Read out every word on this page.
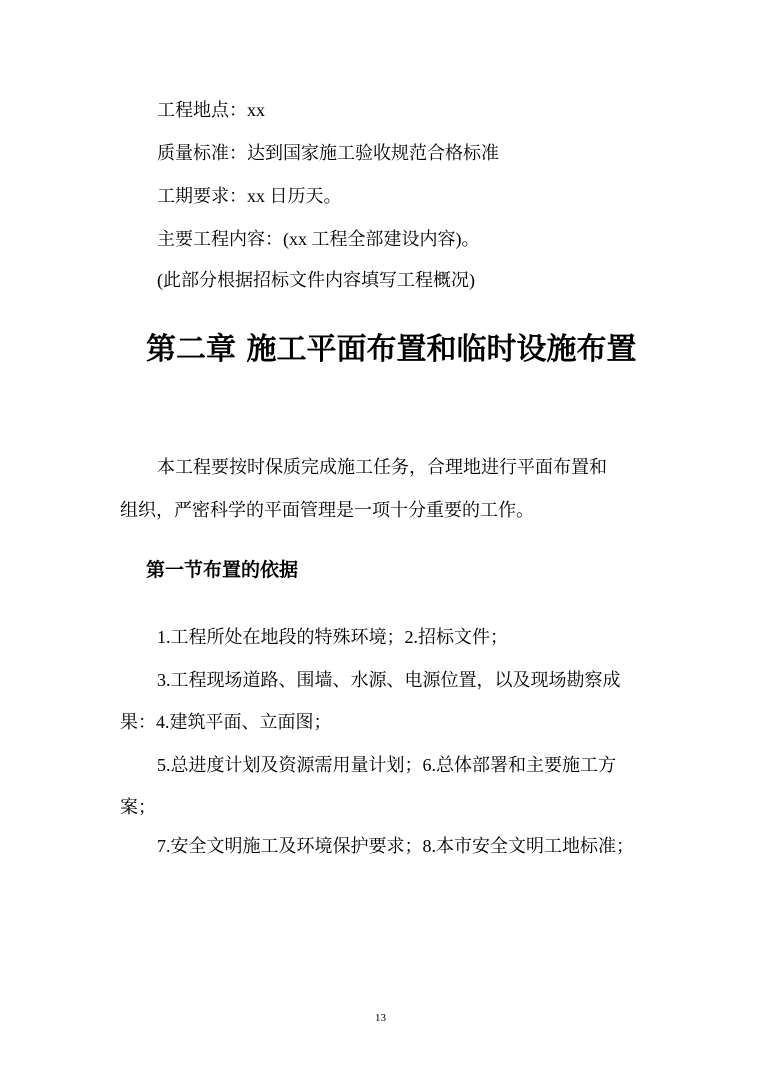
工程地点：xx
质量标准：达到国家施工验收规范合格标准
工期要求：xx 日历天。
主要工程内容：(xx 工程全部建设内容)。
(此部分根据招标文件内容填写工程概况)
第二章 施工平面布置和临时设施布置
本工程要按时保质完成施工任务，合理地进行平面布置和
组织，严密科学的平面管理是一项十分重要的工作。
第一节布置的依据
1.工程所处在地段的特殊环境；2.招标文件；
3.工程现场道路、围墙、水源、电源位置，以及现场勘察成
果：4.建筑平面、立面图；
5.总进度计划及资源需用量计划；6.总体部署和主要施工方
案；
7.安全文明施工及环境保护要求；8.本市安全文明工地标准；
13
